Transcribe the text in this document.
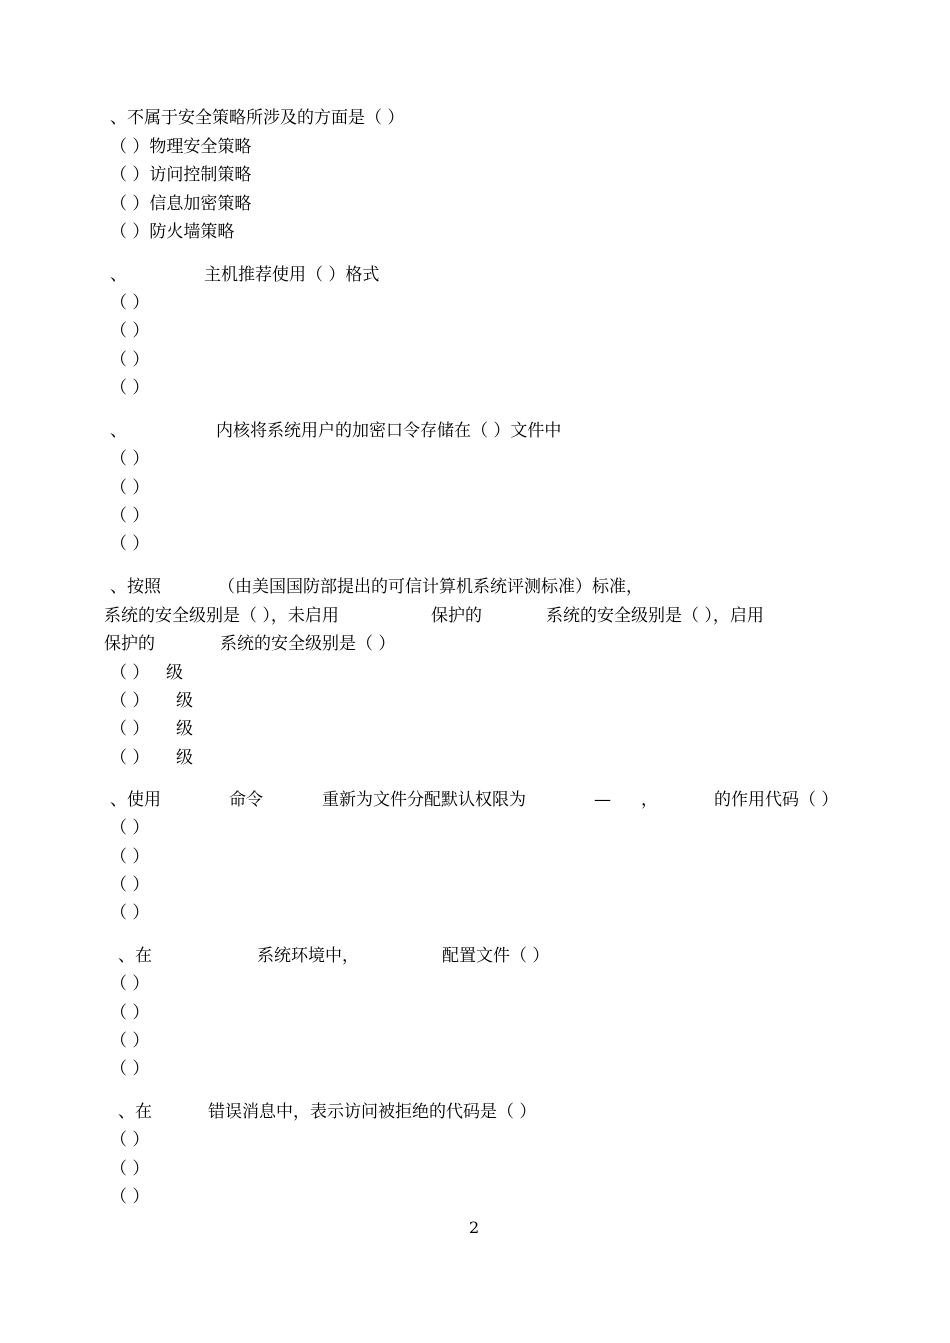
、不属于安全策略所涉及的方面是（ ）
（ ）物理安全策略
（ ）访问控制策略
（ ）信息加密策略
（ ）防火墙策略
、	主机推荐使用（ ）格式
（ ）
（ ）
（ ）
（ ）
、	内核将系统用户的加密口令存储在（ ）文件中
（ ）
（ ）
（ ）
（ ）
、按照	（由美国国防部提出的可信计算机系统评测标准）标准，
系统的安全级别是（ ），未启用	保护的	系统的安全级别是（ ），启用
保护的	系统的安全级别是（ ）
（ ） 级
（ ） 级
（ ） 级
（ ） 级
、使用	命令	重新为文件分配默认权限为	— ，	的作用代码（ ）
（ ）
（ ）
（ ）
（ ）
、在	系统环境中，	配置文件（ ）
（ ）
（ ）
（ ）
（ ）
、在	错误消息中，表示访问被拒绝的代码是（ ）
（ ）
（ ）
（ ）
2
